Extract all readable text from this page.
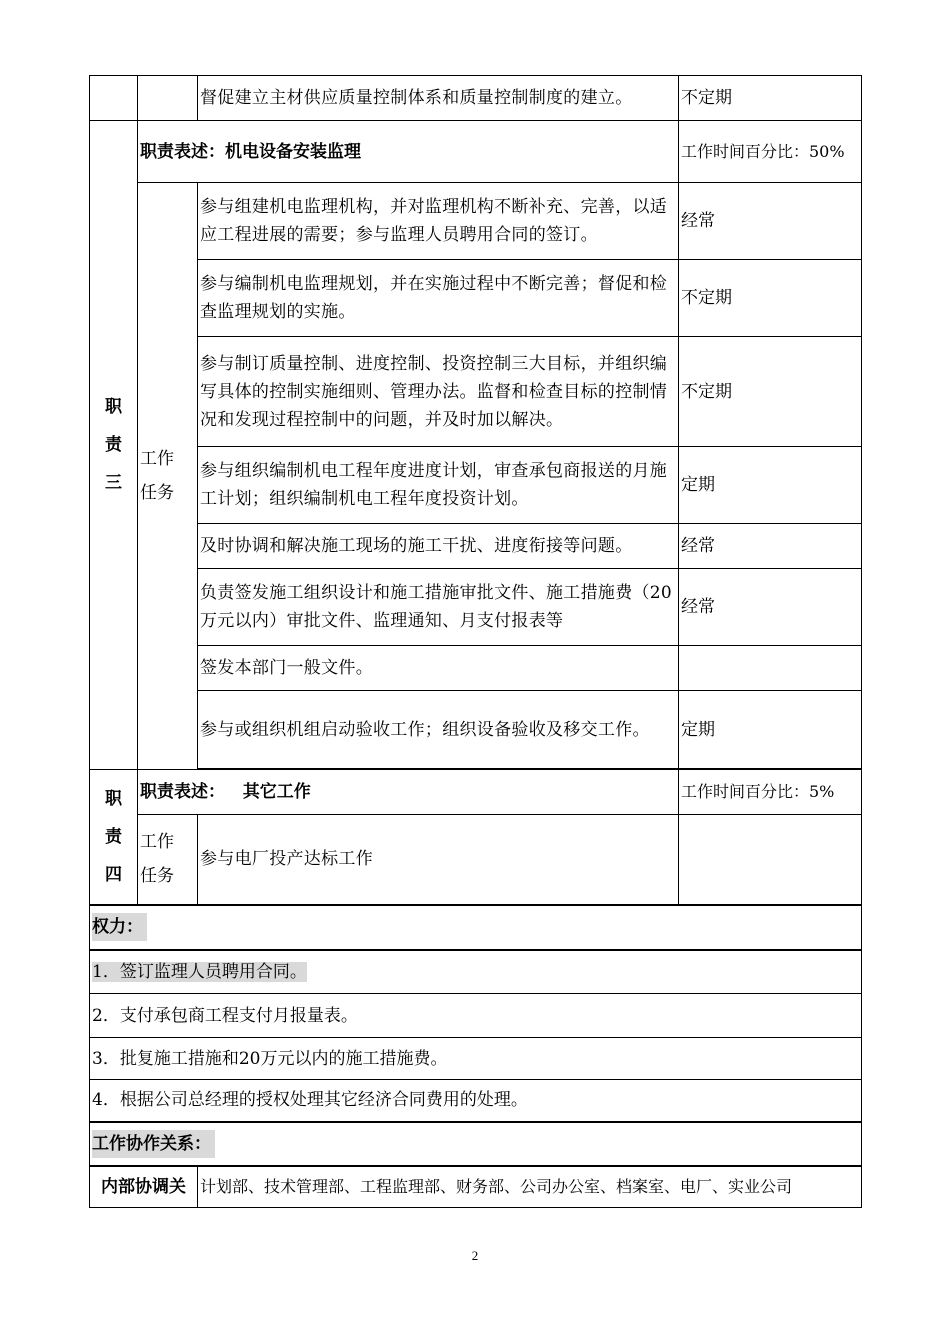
		督促建立主材供应质量控制体系和质量控制制度的建立。	不定期

职
责
三	职责表述：机电设备安装监理		工作时间百分比：50%

	工作
任务	参与组建机电监理机构，并对监理机构不断补充、完善，以适应工程进展的需要；参与监理人员聘用合同的签订。	经常
		参与编制机电监理规划，并在实施过程中不断完善；督促和检查监理规划的实施。	不定期
		参与制订质量控制、进度控制、投资控制三大目标，并组织编写具体的控制实施细则、管理办法。监督和检查目标的控制情况和发现过程控制中的问题，并及时加以解决。	不定期
		参与组织编制机电工程年度进度计划，审查承包商报送的月施工计划；组织编制机电工程年度投资计划。	定期
		及时协调和解决施工现场的施工干扰、进度衔接等问题。	经常
		负责签发施工组织设计和施工措施审批文件、施工措施费（20万元以内）审批文件、监理通知、月支付报表等	经常
		签发本部门一般文件。	
		参与或组织机组启动验收工作；组织设备验收及移交工作。	定期

职
责
四	职责表述： 其它工作		工作时间百分比：5%

	工作
任务	参与电厂投产达标工作	
权力：			
1．签订监理人员聘用合同。			
2．支付承包商工程支付月报量表。			
3．批复施工措施和20万元以内的施工措施费。			
4．根据公司总经理的授权处理其它经济合同费用的处理。			
工作协作关系：			
内部协调关		计划部、技术管理部、工程监理部、财务部、公司办公室、档案室、电厂、实业公司	
2
